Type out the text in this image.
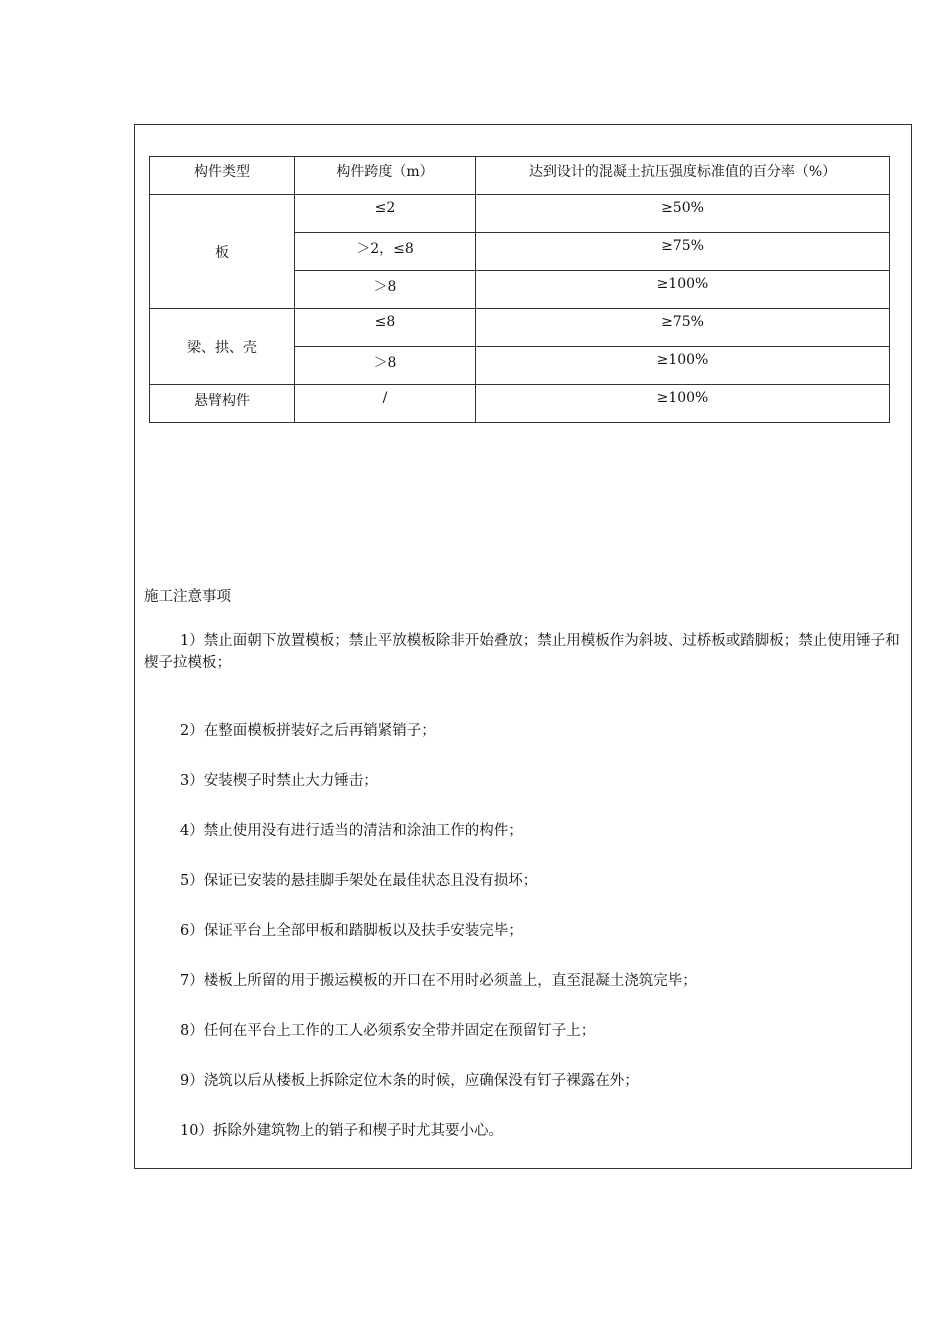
构件类型	构件跨度（m）	达到设计的混凝土抗压强度标准值的百分率（%）
板	≤2	≥50%
	＞2，≤8	≥75%
	＞8	≥100%
梁、拱、壳	≤8	≥75%
	＞8	≥100%
悬臂构件	/	≥100%
施工注意事项
1）禁止面朝下放置模板；禁止平放模板除非开始叠放；禁止用模板作为斜坡、过桥板或踏脚板；禁止使用锤子和楔子拉模板；
2）在整面模板拼装好之后再销紧销子；
3）安装楔子时禁止大力锤击；
4）禁止使用没有进行适当的清洁和涂油工作的构件；
5）保证已安装的悬挂脚手架处在最佳状态且没有损坏；
6）保证平台上全部甲板和踏脚板以及扶手安装完毕；
7）楼板上所留的用于搬运模板的开口在不用时必须盖上，直至混凝土浇筑完毕；
8）任何在平台上工作的工人必须系安全带并固定在预留钉子上；
9）浇筑以后从楼板上拆除定位木条的时候，应确保没有钉子裸露在外；
10）拆除外建筑物上的销子和楔子时尤其要小心。
